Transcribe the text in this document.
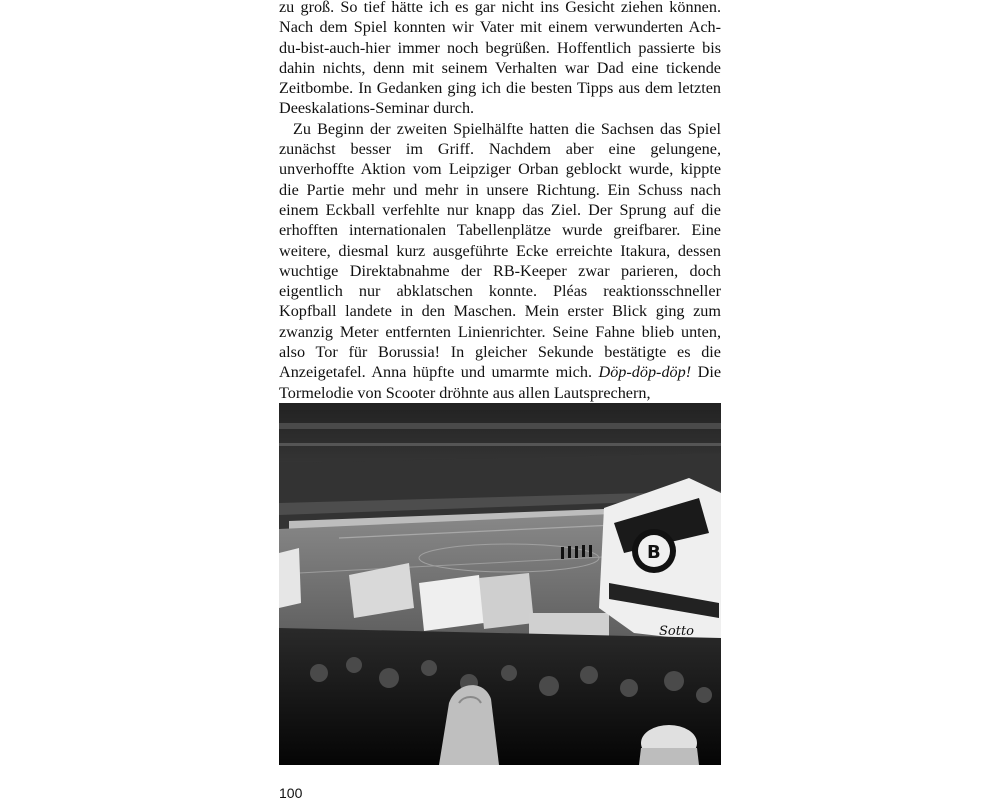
zu groß. So tief hätte ich es gar nicht ins Gesicht ziehen können. Nach dem Spiel konnten wir Vater mit einem verwunderten Ach-du-bist-auch-hier immer noch begrüßen. Hoffentlich passierte bis dahin nichts, denn mit seinem Verhalten war Dad eine tickende Zeitbombe. In Gedanken ging ich die besten Tipps aus dem letzten Deeskalations-Seminar durch.

Zu Beginn der zweiten Spielhälfte hatten die Sachsen das Spiel zunächst besser im Griff. Nachdem aber eine gelungene, unverhoffte Aktion vom Leipziger Orban geblockt wurde, kippte die Partie mehr und mehr in unsere Richtung. Ein Schuss nach einem Eckball verfehlte nur knapp das Ziel. Der Sprung auf die erhofften internationalen Tabellenplätze wurde greifbarer. Eine weitere, diesmal kurz ausgeführte Ecke erreichte Itakura, dessen wuchtige Direktabnahme der RB-Keeper zwar parieren, doch eigentlich nur abklatschen konnte. Pléas reaktionsschneller Kopfball landete in den Maschen. Mein erster Blick ging zum zwanzig Meter entfernten Linienrichter. Seine Fahne blieb unten, also Tor für Borussia! In gleicher Sekunde bestätigte es die Anzeigetafel. Anna hüpfte und umarmte mich. Döp-döp-döp! Die Tormelodie von Scooter dröhnte aus allen Lautsprechern,

B
Sotto
100
